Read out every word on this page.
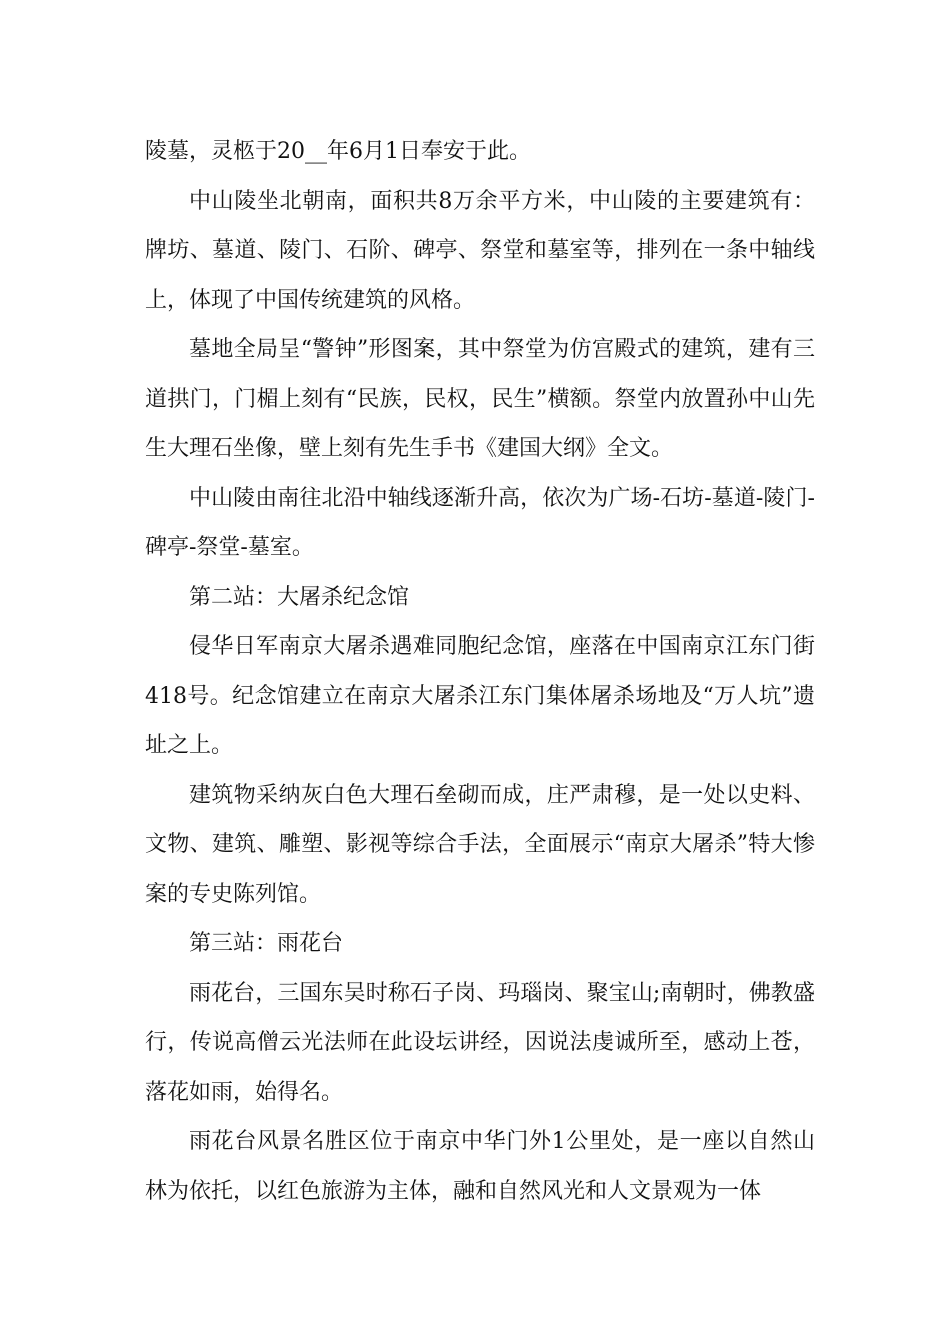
陵墓，灵柩于20__年6月1日奉安于此。

中山陵坐北朝南，面积共8万余平方米，中山陵的主要建筑有：牌坊、墓道、陵门、石阶、碑亭、祭堂和墓室等，排列在一条中轴线上，体现了中国传统建筑的风格。

墓地全局呈“警钟”形图案，其中祭堂为仿宫殿式的建筑，建有三道拱门，门楣上刻有“民族，民权，民生”横额。祭堂内放置孙中山先生大理石坐像，壁上刻有先生手书《建国大纲》全文。

中山陵由南往北沿中轴线逐渐升高，依次为广场-石坊-墓道-陵门-碑亭-祭堂-墓室。

第二站：大屠杀纪念馆

侵华日军南京大屠杀遇难同胞纪念馆，座落在中国南京江东门街418号。纪念馆建立在南京大屠杀江东门集体屠杀场地及“万人坑”遗址之上。

建筑物采纳灰白色大理石垒砌而成，庄严肃穆，是一处以史料、文物、建筑、雕塑、影视等综合手法，全面展示“南京大屠杀”特大惨案的专史陈列馆。

第三站：雨花台

雨花台，三国东吴时称石子岗、玛瑙岗、聚宝山;南朝时，佛教盛行，传说高僧云光法师在此设坛讲经，因说法虔诚所至，感动上苍，落花如雨，始得名。

雨花台风景名胜区位于南京中华门外1公里处，是一座以自然山林为依托，以红色旅游为主体，融和自然风光和人文景观为一体
